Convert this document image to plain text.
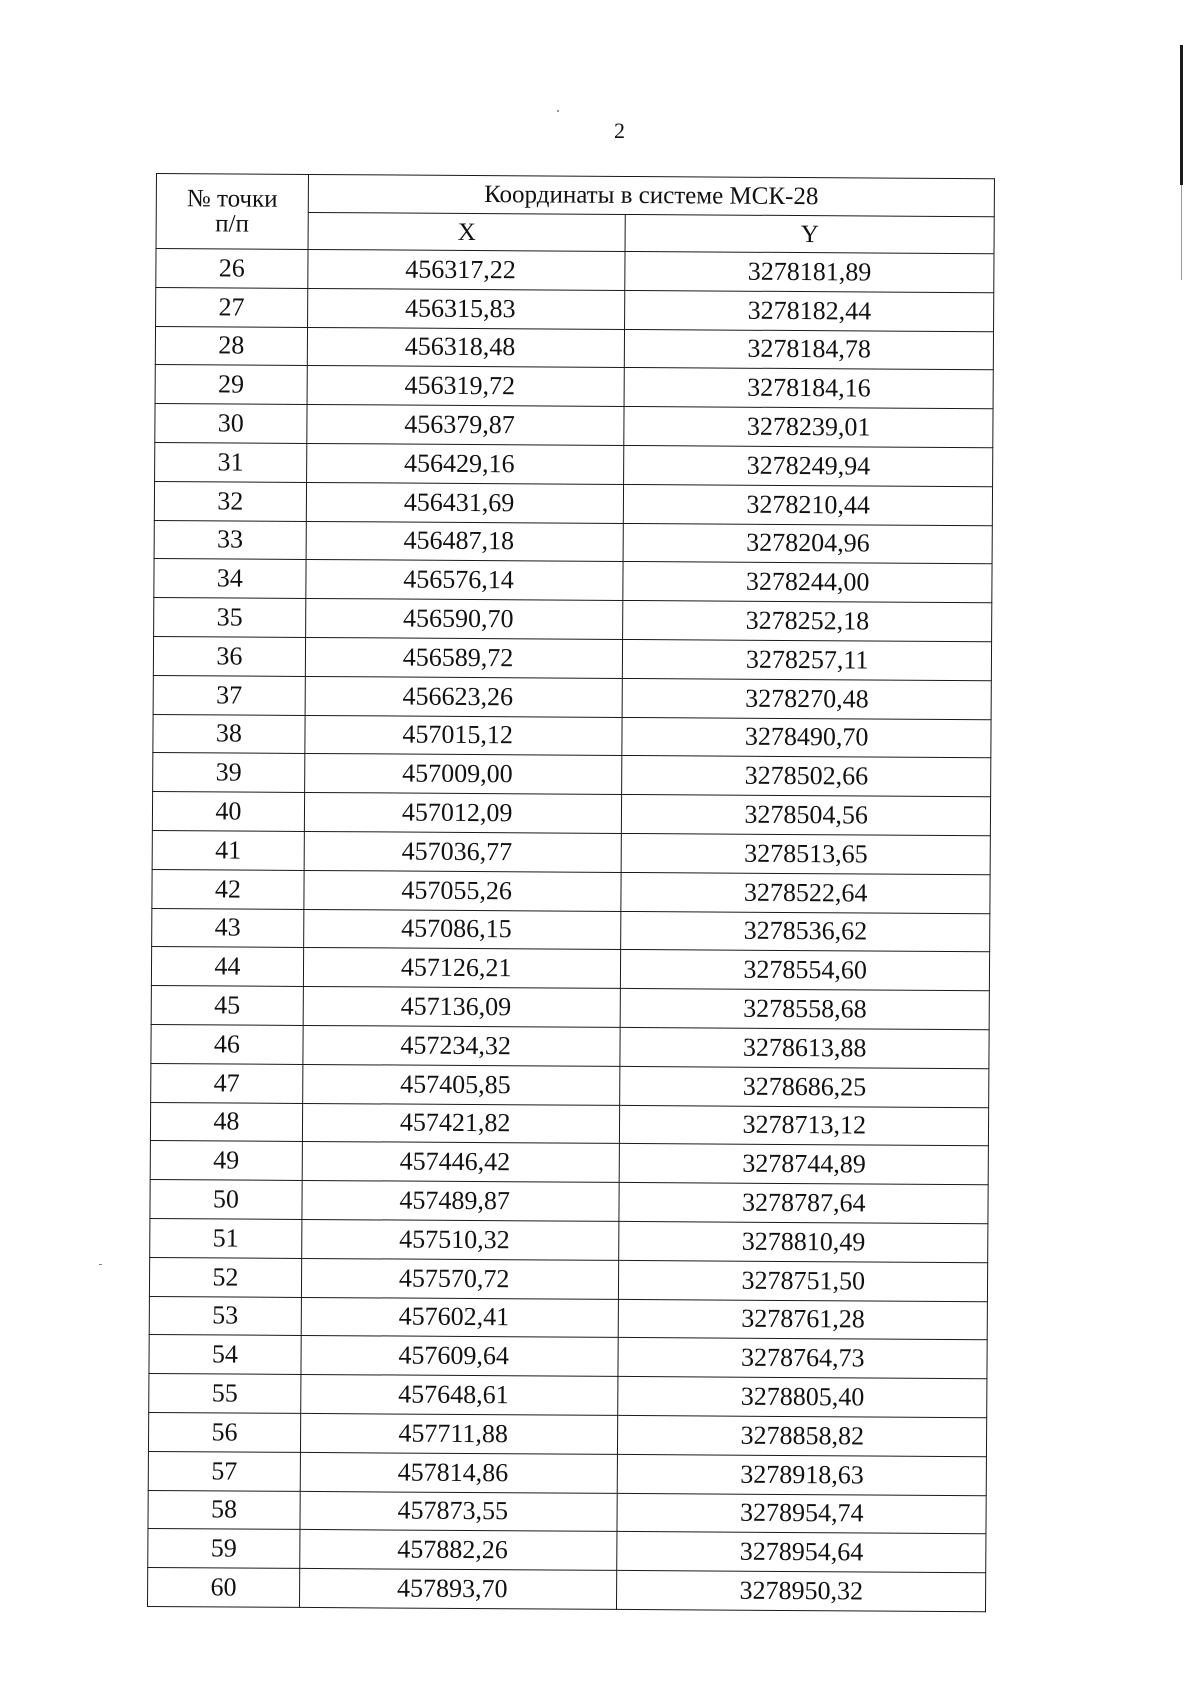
2
№ точки
п/п	Координаты в системе МСК-28	
	X	Y
26	456317,22	3278181,89
27	456315,83	3278182,44
28	456318,48	3278184,78
29	456319,72	3278184,16
30	456379,87	3278239,01
31	456429,16	3278249,94
32	456431,69	3278210,44
33	456487,18	3278204,96
34	456576,14	3278244,00
35	456590,70	3278252,18
36	456589,72	3278257,11
37	456623,26	3278270,48
38	457015,12	3278490,70
39	457009,00	3278502,66
40	457012,09	3278504,56
41	457036,77	3278513,65
42	457055,26	3278522,64
43	457086,15	3278536,62
44	457126,21	3278554,60
45	457136,09	3278558,68
46	457234,32	3278613,88
47	457405,85	3278686,25
48	457421,82	3278713,12
49	457446,42	3278744,89
50	457489,87	3278787,64
51	457510,32	3278810,49
52	457570,72	3278751,50
53	457602,41	3278761,28
54	457609,64	3278764,73
55	457648,61	3278805,40
56	457711,88	3278858,82
57	457814,86	3278918,63
58	457873,55	3278954,74
59	457882,26	3278954,64
60	457893,70	3278950,32
